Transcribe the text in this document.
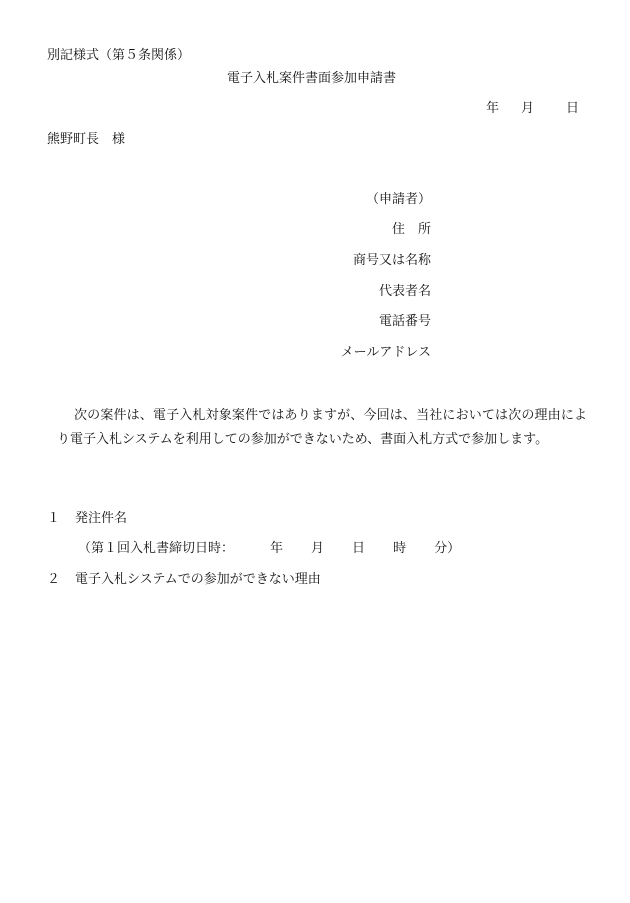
別記様式（第５条関係）
電子入札案件書面参加申請書
年 月 日
熊野町長　様
（申請者）
住　所
商号又は名称
代表者名
電話番号
メールアドレス
次の案件は、電子入札対象案件ではありますが、今回は、当社においては次の理由により電子入札システムを利用しての参加ができないため、書面入札方式で参加します。
１ 発注件名
（第１回入札書締切日時：	年 月 日 時 分）
２ 電子入札システムでの参加ができない理由
